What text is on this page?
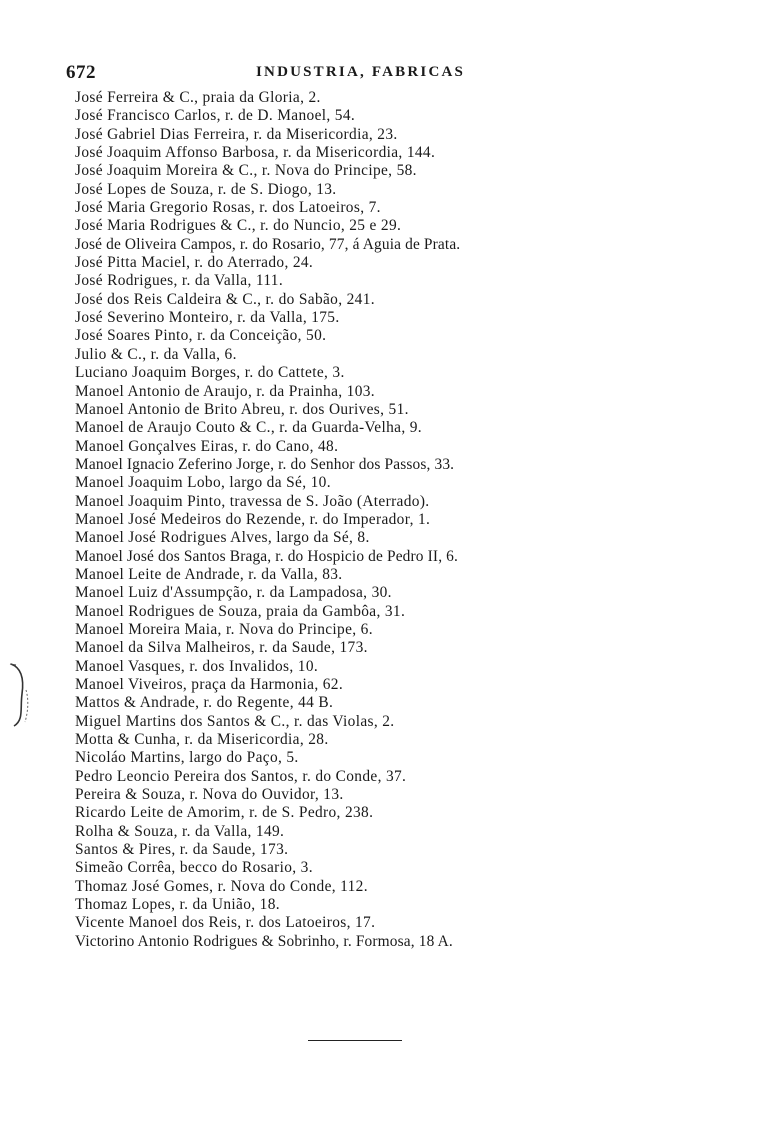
672	INDUSTRIA, FABRICAS
José Ferreira & C., praia da Gloria, 2.
José Francisco Carlos, r. de D. Manoel, 54.
José Gabriel Dias Ferreira, r. da Misericordia, 23.
José Joaquim Affonso Barbosa, r. da Misericordia, 144.
José Joaquim Moreira & C., r. Nova do Principe, 58.
José Lopes de Souza, r. de S. Diogo, 13.
José Maria Gregorio Rosas, r. dos Latoeiros, 7.
José Maria Rodrigues & C., r. do Nuncio, 25 e 29.
José de Oliveira Campos, r. do Rosario, 77, á Aguia de Prata.
José Pitta Maciel, r. do Aterrado, 24.
José Rodrigues, r. da Valla, 111.
José dos Reis Caldeira & C., r. do Sabão, 241.
José Severino Monteiro, r. da Valla, 175.
José Soares Pinto, r. da Conceição, 50.
Julio & C., r. da Valla, 6.
Luciano Joaquim Borges, r. do Cattete, 3.
Manoel Antonio de Araujo, r. da Prainha, 103.
Manoel Antonio de Brito Abreu, r. dos Ourives, 51.
Manoel de Araujo Couto & C., r. da Guarda-Velha, 9.
Manoel Gonçalves Eiras, r. do Cano, 48.
Manoel Ignacio Zeferino Jorge, r. do Senhor dos Passos, 33.
Manoel Joaquim Lobo, largo da Sé, 10.
Manoel Joaquim Pinto, travessa de S. João (Aterrado).
Manoel José Medeiros do Rezende, r. do Imperador, 1.
Manoel José Rodrigues Alves, largo da Sé, 8.
Manoel José dos Santos Braga, r. do Hospicio de Pedro II, 6.
Manoel Leite de Andrade, r. da Valla, 83.
Manoel Luiz d'Assumpção, r. da Lampadosa, 30.
Manoel Rodrigues de Souza, praia da Gambôa, 31.
Manoel Moreira Maia, r. Nova do Principe, 6.
Manoel da Silva Malheiros, r. da Saude, 173.
Manoel Vasques, r. dos Invalidos, 10.
Manoel Viveiros, praça da Harmonia, 62.
Mattos & Andrade, r. do Regente, 44 B.
Miguel Martins dos Santos & C., r. das Violas, 2.
Motta & Cunha, r. da Misericordia, 28.
Nicoláo Martins, largo do Paço, 5.
Pedro Leoncio Pereira dos Santos, r. do Conde, 37.
Pereira & Souza, r. Nova do Ouvidor, 13.
Ricardo Leite de Amorim, r. de S. Pedro, 238.
Rolha & Souza, r. da Valla, 149.
Santos & Pires, r. da Saude, 173.
Simeão Corrêa, becco do Rosario, 3.
Thomaz José Gomes, r. Nova do Conde, 112.
Thomaz Lopes, r. da União, 18.
Vicente Manoel dos Reis, r. dos Latoeiros, 17.
Victorino Antonio Rodrigues & Sobrinho, r. Formosa, 18 A.
